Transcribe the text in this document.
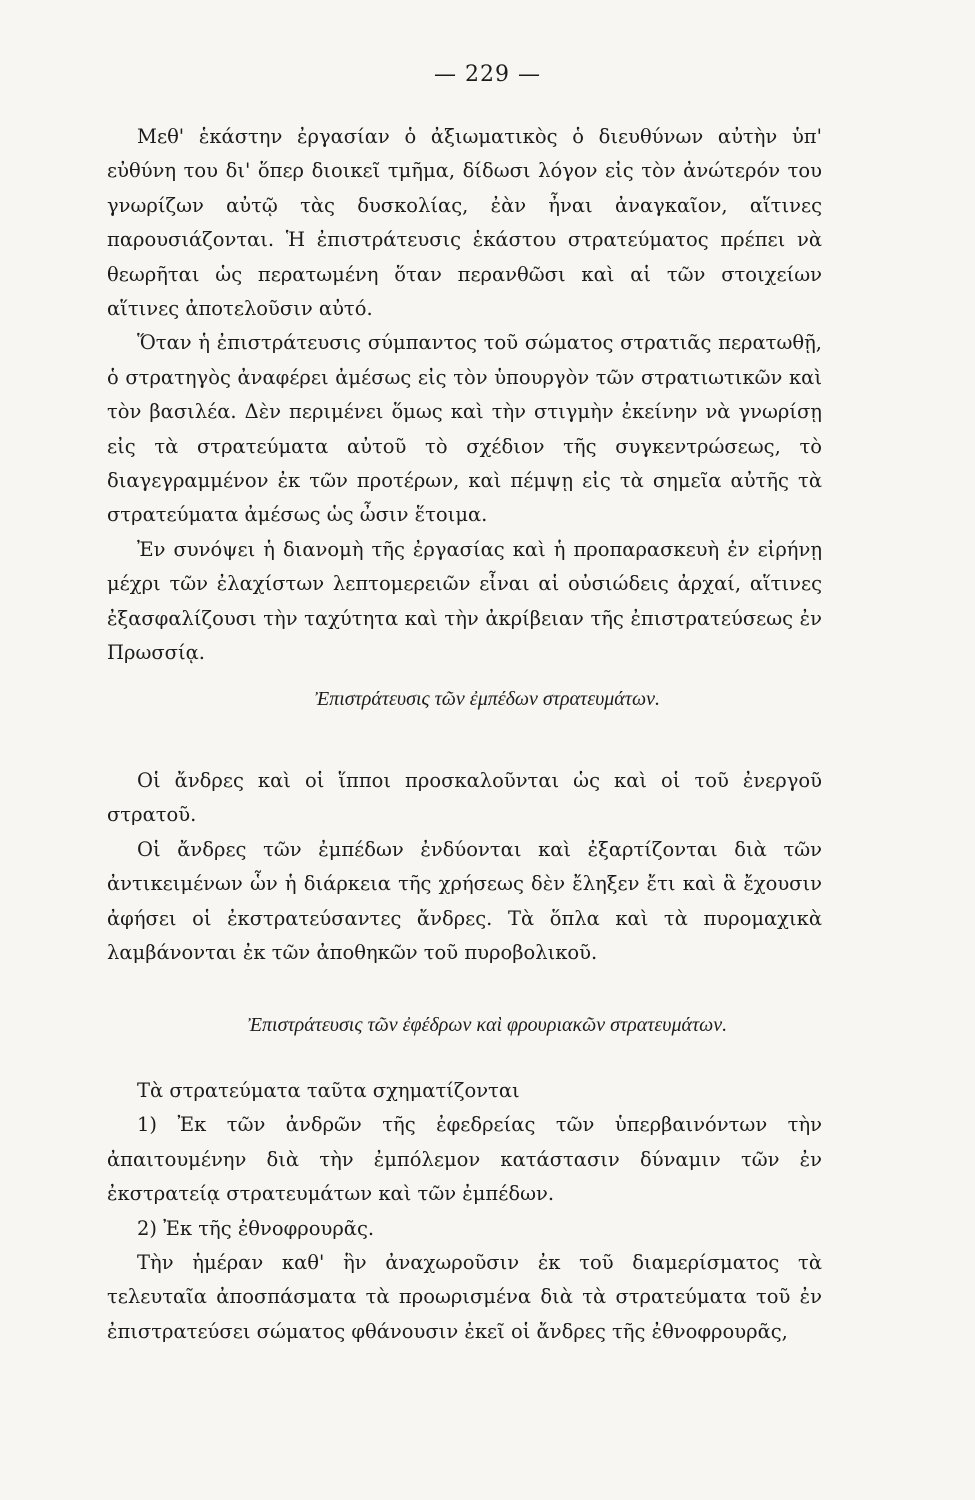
— 229 —

Μεθ' ἑκάστην ἐργασίαν ὁ ἀξιωματικὸς ὁ διευθύνων αὐτὴν ὑπ' εὐθύνη του δι' ὅπερ διοικεῖ τμῆμα, δίδωσι λόγον εἰς τὸν ἀνώτερόν του γνωρίζων αὐτῷ τὰς δυσκολίας, ἐὰν ἦναι ἀναγκαῖον, αἵτινες παρουσιάζονται. Ἡ ἐπιστράτευσις ἑκάστου στρατεύματος πρέπει νὰ θεωρῆται ὡς περατωμένη ὅταν περανθῶσι καὶ αἱ τῶν στοιχείων αἵτινες ἀποτελοῦσιν αὐτό.

Ὅταν ἡ ἐπιστράτευσις σύμπαντος τοῦ σώματος στρατιᾶς περατωθῇ, ὁ στρατηγὸς ἀναφέρει ἀμέσως εἰς τὸν ὑπουργὸν τῶν στρατιωτικῶν καὶ τὸν βασιλέα. Δὲν περιμένει ὅμως καὶ τὴν στιγμὴν ἐκείνην νὰ γνωρίσῃ εἰς τὰ στρατεύματα αὐτοῦ τὸ σχέδιον τῆς συγκεντρώσεως, τὸ διαγεγραμμένον ἐκ τῶν προτέρων, καὶ πέμψῃ εἰς τὰ σημεῖα αὐτῆς τὰ στρατεύματα ἀμέσως ὡς ὦσιν ἕτοιμα.

Ἐν συνόψει ἡ διανομὴ τῆς ἐργασίας καὶ ἡ προπαρασκευὴ ἐν εἰρήνῃ μέχρι τῶν ἐλαχίστων λεπτομερειῶν εἶναι αἱ οὐσιώδεις ἀρχαί, αἵτινες ἐξασφαλίζουσι τὴν ταχύτητα καὶ τὴν ἀκρίβειαν τῆς ἐπιστρατεύσεως ἐν Πρωσσίᾳ.

Ἐπιστράτευσις τῶν ἐμπέδων στρατευμάτων.

Οἱ ἄνδρες καὶ οἱ ἵπποι προσκαλοῦνται ὡς καὶ οἱ τοῦ ἐνεργοῦ στρατοῦ.

Οἱ ἄνδρες τῶν ἐμπέδων ἐνδύονται καὶ ἐξαρτίζονται διὰ τῶν ἀντικειμένων ὧν ἡ διάρκεια τῆς χρήσεως δὲν ἔληξεν ἔτι καὶ ἃ ἔχουσιν ἀφήσει οἱ ἐκστρατεύσαντες ἄνδρες. Τὰ ὅπλα καὶ τὰ πυρομαχικὰ λαμβάνονται ἐκ τῶν ἀποθηκῶν τοῦ πυροβολικοῦ.

Ἐπιστράτευσις τῶν ἐφέδρων καὶ φρουριακῶν στρατευμάτων.

Τὰ στρατεύματα ταῦτα σχηματίζονται

1) Ἐκ τῶν ἀνδρῶν τῆς ἐφεδρείας τῶν ὑπερβαινόντων τὴν ἀπαιτουμένην διὰ τὴν ἐμπόλεμον κατάστασιν δύναμιν τῶν ἐν ἐκστρατείᾳ στρατευμάτων καὶ τῶν ἐμπέδων.

2) Ἐκ τῆς ἐθνοφρουρᾶς.

Τὴν ἡμέραν καθ' ἣν ἀναχωροῦσιν ἐκ τοῦ διαμερίσματος τὰ τελευταῖα ἀποσπάσματα τὰ προωρισμένα διὰ τὰ στρατεύματα τοῦ ἐν ἐπιστρατεύσει σώματος φθάνουσιν ἐκεῖ οἱ ἄνδρες τῆς ἐθνοφρουρᾶς,
